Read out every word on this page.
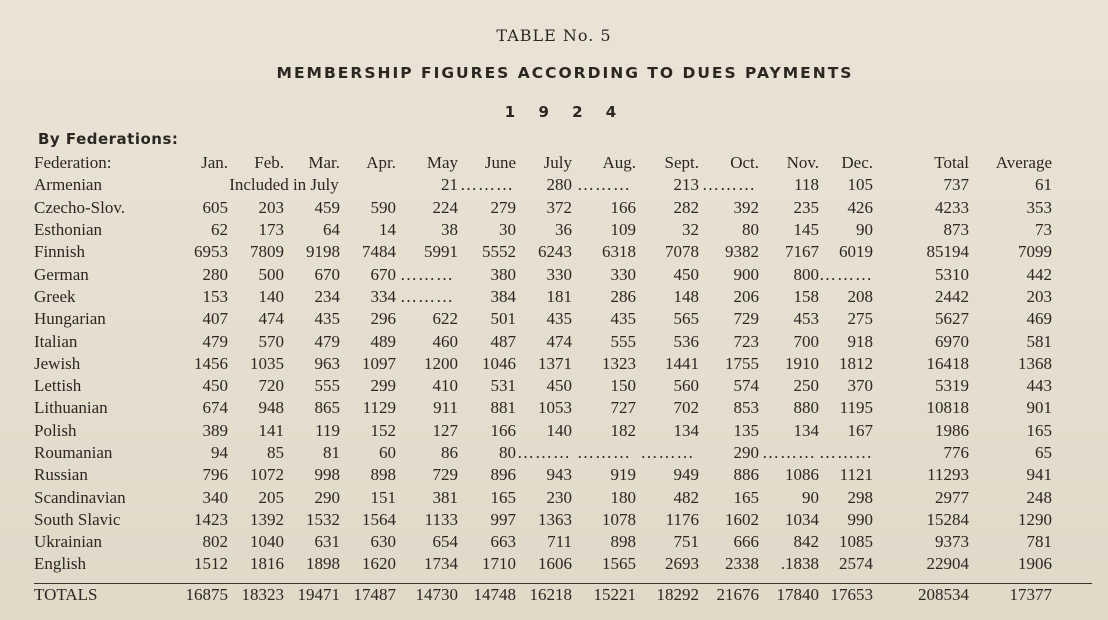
TABLE No. 5
MEMBERSHIP FIGURES ACCORDING TO DUES PAYMENTS
1 9 2 4
By Federations:
Federation:	Jan.	Feb.	Mar.	Apr.	May	June	July	Aug.	Sept.	Oct.	Nov.	Dec.	Total	Average
Armenian	Included in July				21	………	280	………	213	………	118	105	737	61
Czecho-Slov.	605	203	459	590	224	279	372	166	282	392	235	426	4233	353
Esthonian	62	173	64	14	38	30	36	109	32	80	145	90	873	73
Finnish	6953	7809	9198	7484	5991	5552	6243	6318	7078	9382	7167	6019	85194	7099
German	280	500	670	670	………	380	330	330	450	900	800	………	5310	442
Greek	153	140	234	334	………	384	181	286	148	206	158	208	2442	203
Hungarian	407	474	435	296	622	501	435	435	565	729	453	275	5627	469
Italian	479	570	479	489	460	487	474	555	536	723	700	918	6970	581
Jewish	1456	1035	963	1097	1200	1046	1371	1323	1441	1755	1910	1812	16418	1368
Lettish	450	720	555	299	410	531	450	150	560	574	250	370	5319	443
Lithuanian	674	948	865	1129	911	881	1053	727	702	853	880	1195	10818	901
Polish	389	141	119	152	127	166	140	182	134	135	134	167	1986	165
Roumanian	94	85	81	60	86	80	………	………	………	290	………	………	776	65
Russian	796	1072	998	898	729	896	943	919	949	886	1086	1121	11293	941
Scandinavian	340	205	290	151	381	165	230	180	482	165	90	298	2977	248
South Slavic	1423	1392	1532	1564	1133	997	1363	1078	1176	1602	1034	990	15284	1290
Ukrainian	802	1040	631	630	654	663	711	898	751	666	842	1085	9373	781
English	1512	1816	1898	1620	1734	1710	1606	1565	2693	2338	.1838	2574	22904	1906
TOTALS	16875	18323	19471	17487	14730	14748	16218	15221	18292	21676	17840	17653	208534	17377
